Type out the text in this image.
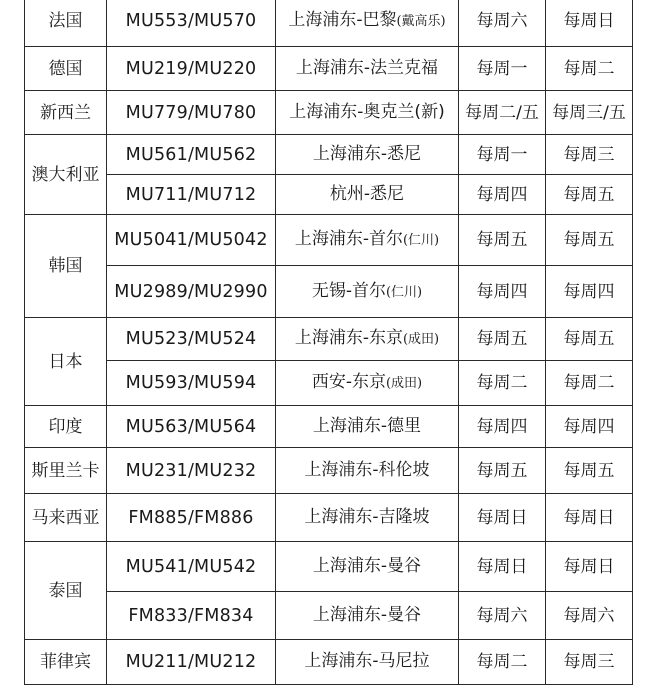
法国	MU553/MU570	上海浦东-巴黎(戴高乐)	每周六	每周日
德国	MU219/MU220	上海浦东-法兰克福	每周一	每周二
新西兰	MU779/MU780	上海浦东-奥克兰(新)	每周二/五	每周三/五
澳大利亚	MU561/MU562	上海浦东-悉尼	每周一	每周三
	MU711/MU712	杭州-悉尼	每周四	每周五
韩国	MU5041/MU5042	上海浦东-首尔(仁川)	每周五	每周五
	MU2989/MU2990	无锡-首尔(仁川)	每周四	每周四
日本	MU523/MU524	上海浦东-东京(成田)	每周五	每周五
	MU593/MU594	西安-东京(成田)	每周二	每周二
印度	MU563/MU564	上海浦东-德里	每周四	每周四
斯里兰卡	MU231/MU232	上海浦东-科伦坡	每周五	每周五
马来西亚	FM885/FM886	上海浦东-吉隆坡	每周日	每周日
泰国	MU541/MU542	上海浦东-曼谷	每周日	每周日
	FM833/FM834	上海浦东-曼谷	每周六	每周六
菲律宾	MU211/MU212	上海浦东-马尼拉	每周二	每周三
